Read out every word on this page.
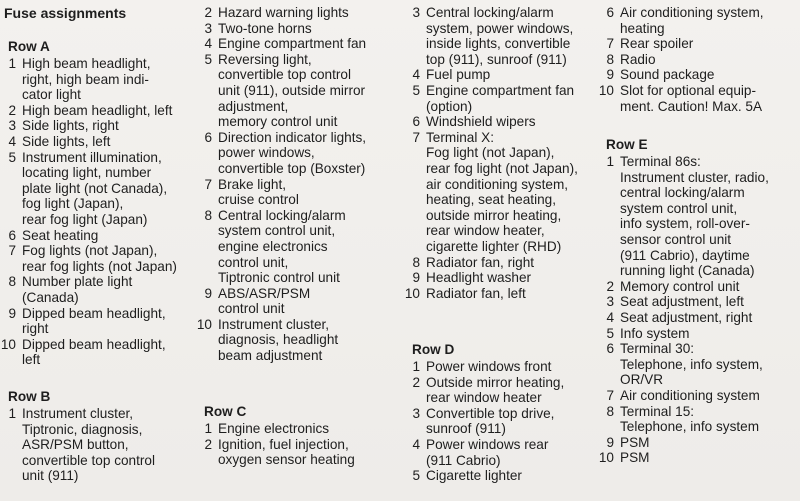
Fuse assignments
Row A
1 High beam headlight,
right, high beam indi-
cator light
2 High beam headlight, left
3 Side lights, right
4 Side lights, left
5 Instrument illumination,
locating light, number
plate light (not Canada),
fog light (Japan),
rear fog light (Japan)
6 Seat heating
7 Fog lights (not Japan),
rear fog lights (not Japan)
8 Number plate light
(Canada)
9 Dipped beam headlight,
right
10 Dipped beam headlight,
left
Row B
1 Instrument cluster,
Tiptronic, diagnosis,
ASR/PSM button,
convertible top control
unit (911)
2 Hazard warning lights
3 Two-tone horns
4 Engine compartment fan
5 Reversing light,
convertible top control
unit (911), outside mirror
adjustment,
memory control unit
6 Direction indicator lights,
power windows,
convertible top (Boxster)
7 Brake light,
cruise control
8 Central locking/alarm
system control unit,
engine electronics
control unit,
Tiptronic control unit
9 ABS/ASR/PSM
control unit
10 Instrument cluster,
diagnosis, headlight
beam adjustment
Row C
1 Engine electronics
2 Ignition, fuel injection,
oxygen sensor heating
3 Central locking/alarm
system, power windows,
inside lights, convertible
top (911), sunroof (911)
4 Fuel pump
5 Engine compartment fan
(option)
6 Windshield wipers
7 Terminal X:
Fog light (not Japan),
rear fog light (not Japan),
air conditioning system,
heating, seat heating,
outside mirror heating,
rear window heater,
cigarette lighter (RHD)
8 Radiator fan, right
9 Headlight washer
10 Radiator fan, left
Row D
1 Power windows front
2 Outside mirror heating,
rear window heater
3 Convertible top drive,
sunroof (911)
4 Power windows rear
(911 Cabrio)
5 Cigarette lighter
6 Air conditioning system,
heating
7 Rear spoiler
8 Radio
9 Sound package
10 Slot for optional equip-
ment. Caution! Max. 5A
Row E
1 Terminal 86s:
Instrument cluster, radio,
central locking/alarm
system control unit,
info system, roll-over-
sensor control unit
(911 Cabrio), daytime
running light (Canada)
2 Memory control unit
3 Seat adjustment, left
4 Seat adjustment, right
5 Info system
6 Terminal 30:
Telephone, info system,
OR/VR
7 Air conditioning system
8 Terminal 15:
Telephone, info system
9 PSM
10 PSM
